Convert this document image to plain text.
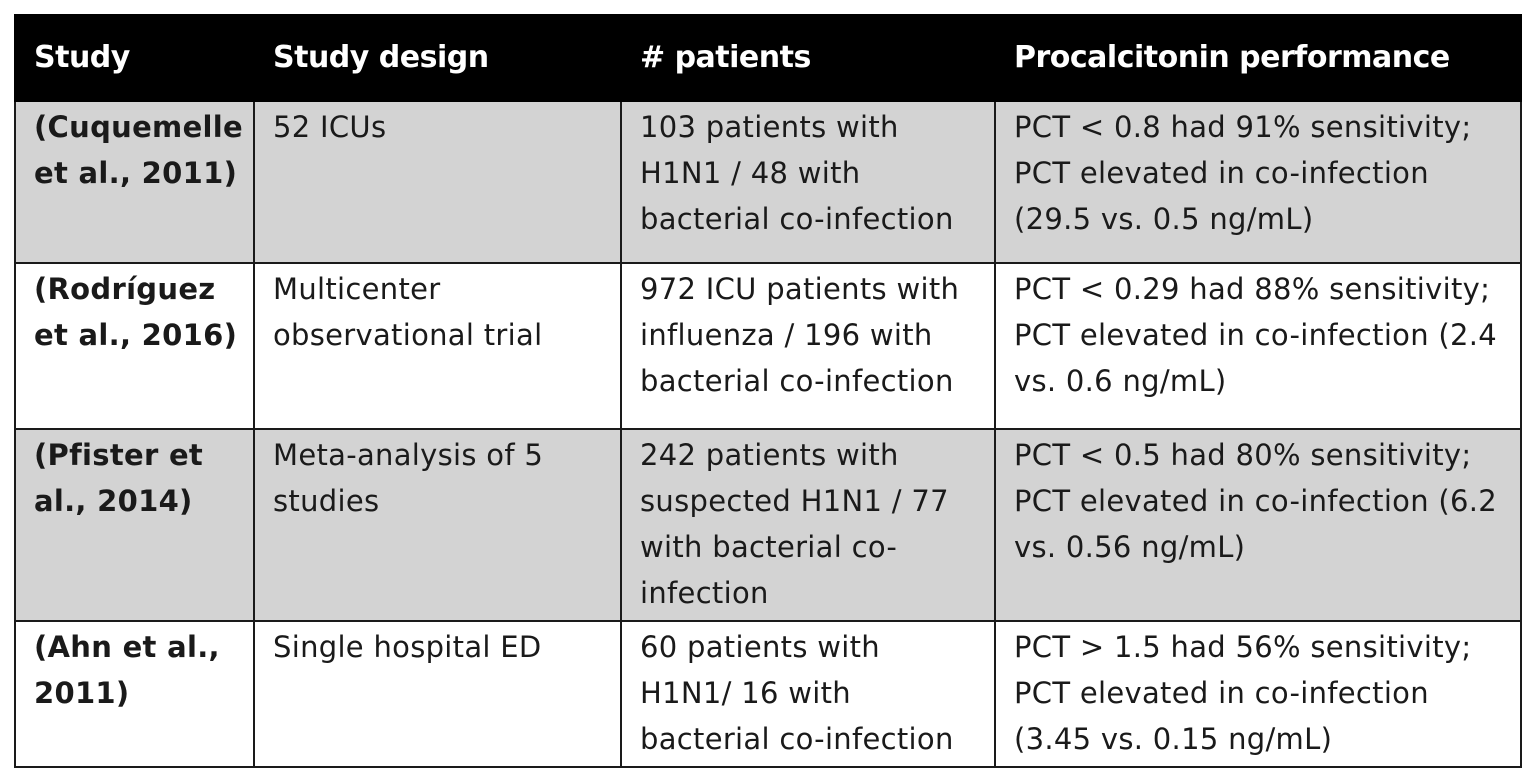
Study	Study design	# patients	Procalcitonin performance
(Cuquemelle et al., 2011)	52 ICUs	103 patients with H1N1 / 48 with bacterial co-infection	PCT < 0.8 had 91% sensitivity; PCT elevated in co-infection (29.5 vs. 0.5 ng/mL)
(Rodríguez et al., 2016)	Multicenter observational trial	972 ICU patients with influenza / 196 with bacterial co-infection	PCT < 0.29 had 88% sensitivity; PCT elevated in co-infection (2.4 vs. 0.6 ng/mL)
(Pfister et al., 2014)	Meta-analysis of 5 studies	242 patients with suspected H1N1 / 77 with bacterial co-infection	PCT < 0.5 had 80% sensitivity; PCT elevated in co-infection (6.2 vs. 0.56 ng/mL)
(Ahn et al., 2011)	Single hospital ED	60 patients with H1N1/ 16 with bacterial co-infection	PCT > 1.5 had 56% sensitivity; PCT elevated in co-infection (3.45 vs. 0.15 ng/mL)
